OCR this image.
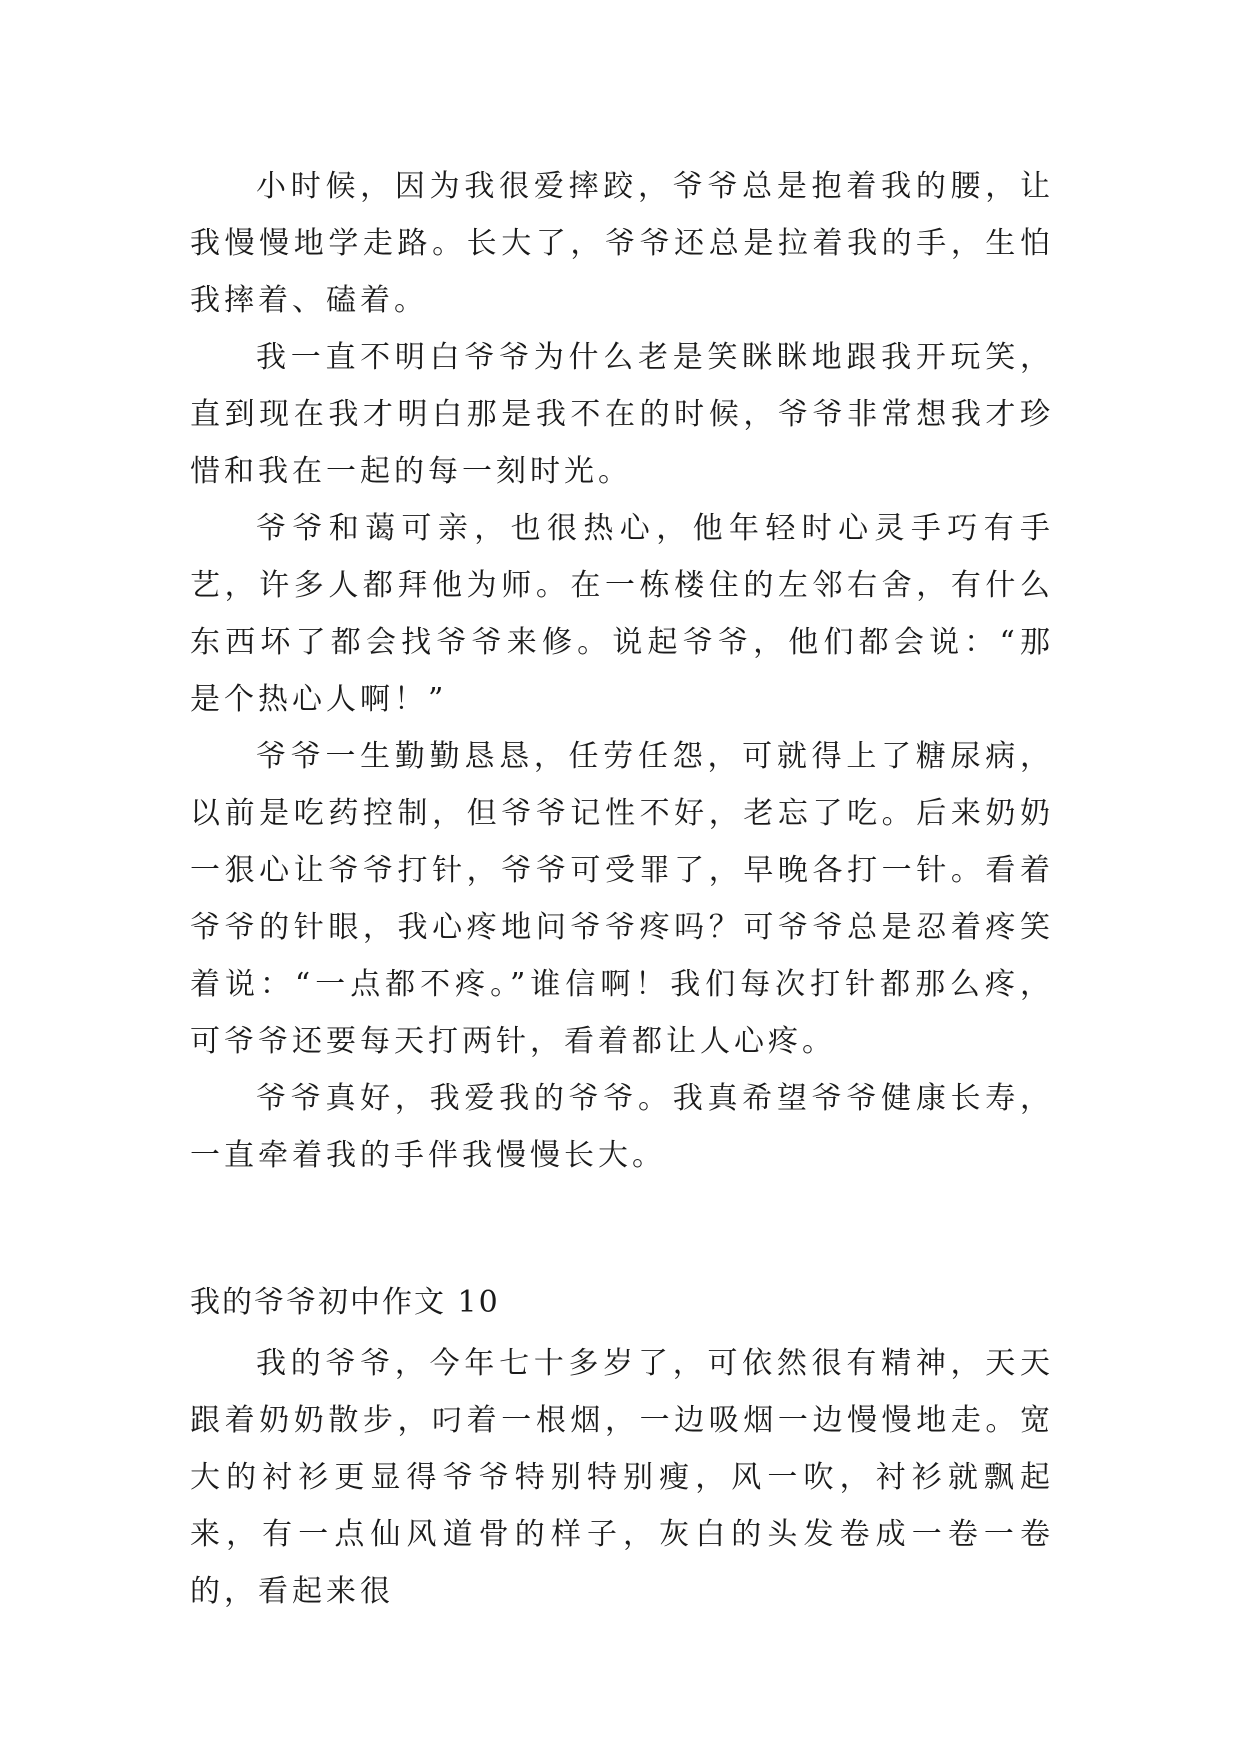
小时候，因为我很爱摔跤，爷爷总是抱着我的腰，让我慢慢地学走路。长大了，爷爷还总是拉着我的手，生怕我摔着、磕着。

我一直不明白爷爷为什么老是笑眯眯地跟我开玩笑，直到现在我才明白那是我不在的时候，爷爷非常想我才珍惜和我在一起的每一刻时光。

爷爷和蔼可亲，也很热心，他年轻时心灵手巧有手艺，许多人都拜他为师。在一栋楼住的左邻右舍，有什么东西坏了都会找爷爷来修。说起爷爷，他们都会说：“那是个热心人啊！”

爷爷一生勤勤恳恳，任劳任怨，可就得上了糖尿病，以前是吃药控制，但爷爷记性不好，老忘了吃。后来奶奶一狠心让爷爷打针，爷爷可受罪了，早晚各打一针。看着爷爷的针眼，我心疼地问爷爷疼吗？可爷爷总是忍着疼笑着说：“一点都不疼。”谁信啊！我们每次打针都那么疼，可爷爷还要每天打两针，看着都让人心疼。

爷爷真好，我爱我的爷爷。我真希望爷爷健康长寿，一直牵着我的手伴我慢慢长大。

我的爷爷初中作文 10

我的爷爷，今年七十多岁了，可依然很有精神，天天跟着奶奶散步，叼着一根烟，一边吸烟一边慢慢地走。宽大的衬衫更显得爷爷特别特别瘦，风一吹，衬衫就飘起来，有一点仙风道骨的样子，灰白的头发卷成一卷一卷的，看起来很
